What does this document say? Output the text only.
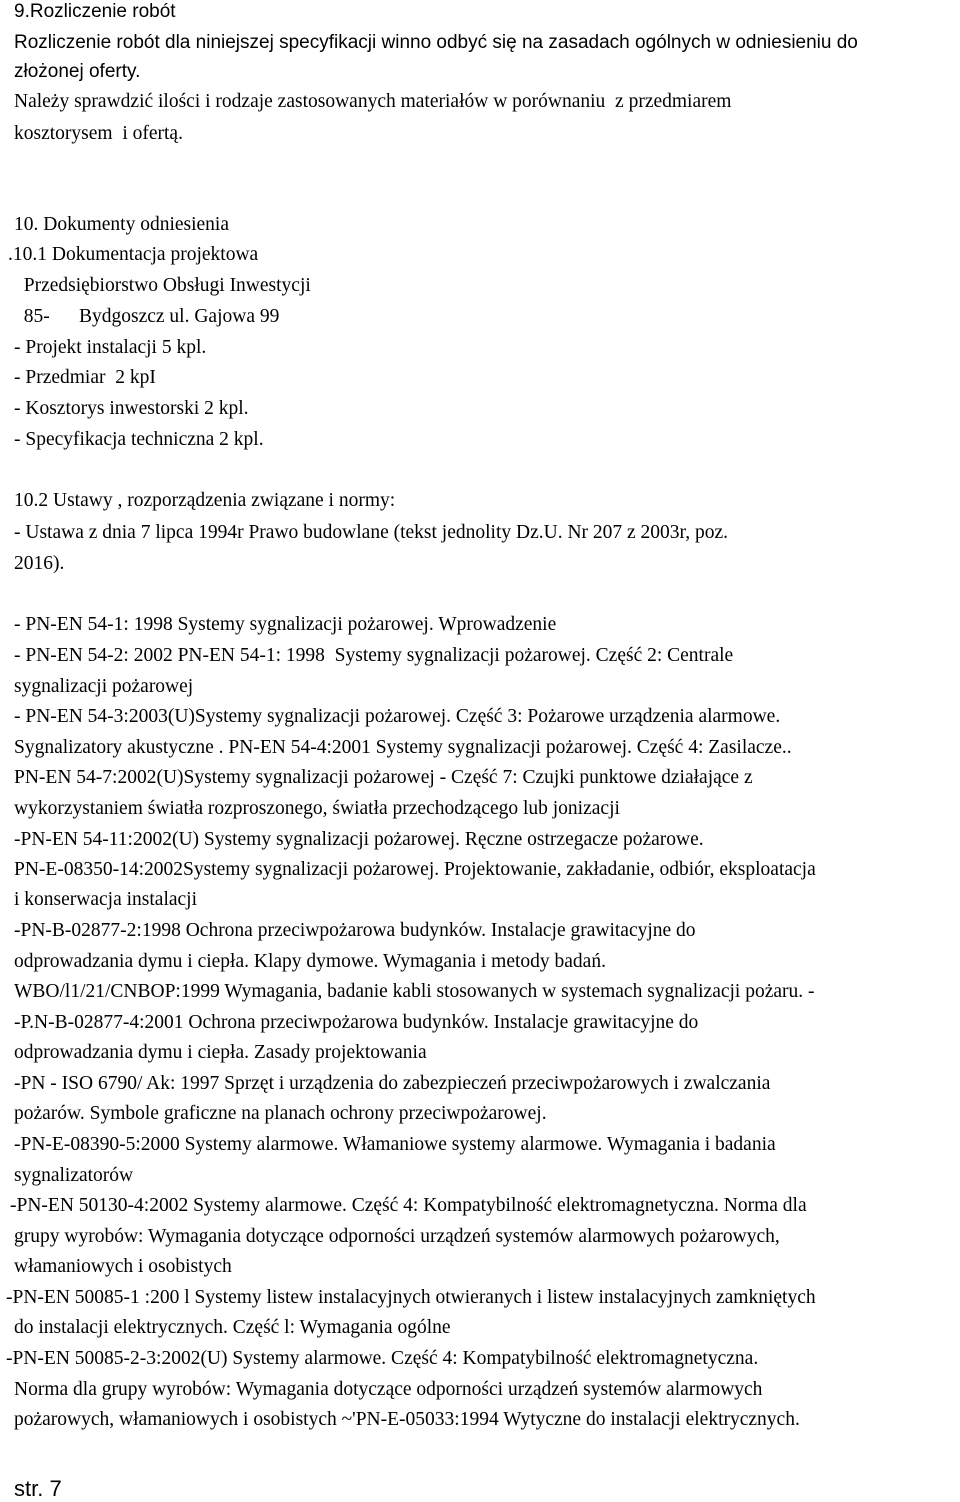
9.Rozliczenie robót

Rozliczenie robót dla niniejszej specyfikacji winno odbyć się na zasadach ogólnych w odniesieniu do

złożonej oferty.

Należy sprawdzić ilości i rodzaje zastosowanych materiałów w porównaniu  z przedmiarem

kosztorysem  i ofertą.

10. Dokumenty odniesienia

.10.1 Dokumentacja projektowa

Przedsiębiorstwo Obsługi Inwestycji

85-      Bydgoszcz ul. Gajowa 99

- Projekt instalacji 5 kpl.

- Przedmiar  2 kpI

- Kosztorys inwestorski 2 kpl.

- Specyfikacja techniczna 2 kpl.

10.2 Ustawy , rozporządzenia związane i normy:

- Ustawa z dnia 7 lipca 1994r Prawo budowlane (tekst jednolity Dz.U. Nr 207 z 2003r, poz.

2016).

- PN-EN 54-1: 1998 Systemy sygnalizacji pożarowej. Wprowadzenie

- PN-EN 54-2: 2002 PN-EN 54-1: 1998  Systemy sygnalizacji pożarowej. Część 2: Centrale

sygnalizacji pożarowej

- PN-EN 54-3:2003(U)Systemy sygnalizacji pożarowej. Część 3: Pożarowe urządzenia alarmowe.

Sygnalizatory akustyczne . PN-EN 54-4:2001 Systemy sygnalizacji pożarowej. Część 4: Zasilacze..

PN-EN 54-7:2002(U)Systemy sygnalizacji pożarowej - Część 7: Czujki punktowe działające z

wykorzystaniem światła rozproszonego, światła przechodzącego lub jonizacji

-PN-EN 54-11:2002(U) Systemy sygnalizacji pożarowej. Ręczne ostrzegacze pożarowe.

PN-E-08350-14:2002Systemy sygnalizacji pożarowej. Projektowanie, zakładanie, odbiór, eksploatacja

i konserwacja instalacji

-PN-B-02877-2:1998 Ochrona przeciwpożarowa budynków. Instalacje grawitacyjne do

odprowadzania dymu i ciepła. Klapy dymowe. Wymagania i metody badań.

WBO/l1/21/CNBOP:1999 Wymagania, badanie kabli stosowanych w systemach sygnalizacji pożaru. -

-P.N-B-02877-4:2001 Ochrona przeciwpożarowa budynków. Instalacje grawitacyjne do

odprowadzania dymu i ciepła. Zasady projektowania

-PN - ISO 6790/ Ak: 1997 Sprzęt i urządzenia do zabezpieczeń przeciwpożarowych i zwalczania

pożarów. Symbole graficzne na planach ochrony przeciwpożarowej.

-PN-E-08390-5:2000 Systemy alarmowe. Włamaniowe systemy alarmowe. Wymagania i badania

sygnalizatorów

-PN-EN 50130-4:2002 Systemy alarmowe. Część 4: Kompatybilność elektromagnetyczna. Norma dla

grupy wyrobów: Wymagania dotyczące odporności urządzeń systemów alarmowych pożarowych,

włamaniowych i osobistych

-PN-EN 50085-1 :200 l Systemy listew instalacyjnych otwieranych i listew instalacyjnych zamkniętych

do instalacji elektrycznych. Część l: Wymagania ogólne

-PN-EN 50085-2-3:2002(U) Systemy alarmowe. Część 4: Kompatybilność elektromagnetyczna.

Norma dla grupy wyrobów: Wymagania dotyczące odporności urządzeń systemów alarmowych

pożarowych, włamaniowych i osobistych ~'PN-E-05033:1994 Wytyczne do instalacji elektrycznych.

str. 7
